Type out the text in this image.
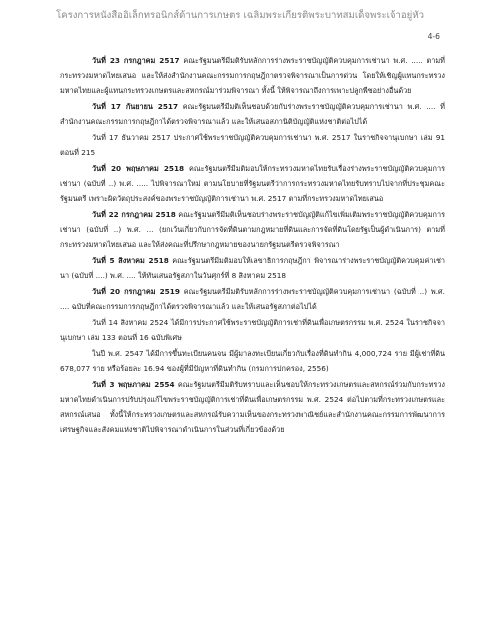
โครงการหนังสืออิเล็กทรอนิกส์ด้านการเกษตร เฉลิมพระเกียรติพระบาทสมเด็จพระเจ้าอยู่หัว
4-6

วันที่ 23 กรกฎาคม 2517 คณะรัฐมนตรีมีมติรับหลักการร่างพระราชบัญญัติควบคุมการเช่านา พ.ศ. ..... ตามที่กระทรวงมหาดไทยเสนอ และให้ส่งสำนักงานคณะกรรมการกฤษฎีกาตรวจพิจารณาเป็นการด่วน โดยให้เชิญผู้แทนกระทรวงมหาดไทยและผู้แทนกระทรวงเกษตรและสหกรณ์มาร่วมพิจารณา ทั้งนี้ ให้พิจารณาถึงการเพาะปลูกพืชอย่างอื่นด้วย

วันที่ 17 กันยายน 2517 คณะรัฐมนตรีมีมติเห็นชอบด้วยกับร่างพระราชบัญญัติควบคุมการเช่านา พ.ศ. .... ที่สำนักงานคณะกรรมการกฤษฎีกาได้ตรวจพิจารณาแล้ว และให้เสนอสภานิติบัญญัติแห่งชาติต่อไปได้

วันที่ 17 ธันวาคม 2517 ประกาศใช้พระราชบัญญัติควบคุมการเช่านา พ.ศ. 2517 ในราชกิจจานุเบกษา เล่ม 91 ตอนที่ 215

วันที่ 20 พฤษภาคม 2518 คณะรัฐมนตรีมีมติมอบให้กระทรวงมหาดไทยรับเรื่องร่างพระราชบัญญัติควบคุมการเช่านา (ฉบับที่ ..) พ.ศ. ..... ไปพิจารณาใหม่ ตามนโยบายที่รัฐมนตรีว่าการกระทรวงมหาดไทยรับทราบไปจากที่ประชุมคณะรัฐมนตรี เพราะผิดวัตถุประสงค์ของพระราชบัญญัติการเช่านา พ.ศ. 2517 ตามที่กระทรวงมหาดไทยเสนอ

วันที่ 22 กรกฎาคม 2518 คณะรัฐมนตรีมีมติเห็นชอบร่างพระราชบัญญัติแก้ไขเพิ่มเติมพระราชบัญญัติควบคุมการเช่านา (ฉบับที่ ..) พ.ศ. ... (ยกเว้นเกี่ยวกับการจัดที่ดินตามกฎหมายที่ดินและการจัดที่ดินโดยรัฐเป็นผู้ดำเนินการ) ตามที่กระทรวงมหาดไทยเสนอ และให้ส่งคณะที่ปรึกษากฎหมายของนายกรัฐมนตรีตรวจพิจารณา

วันที่ 5 สิงหาคม 2518 คณะรัฐมนตรีมีมติมอบให้เลขาธิการกฤษฎีกา พิจารณาร่างพระราชบัญญัติควบคุมค่าเช่านา (ฉบับที่ ....) พ.ศ. .... ให้ทันเสนอรัฐสภาในวันศุกร์ที่ 8 สิงหาคม 2518

วันที่ 20 กรกฎาคม 2519 คณะรัฐมนตรีมีมติรับหลักการร่างพระราชบัญญัติควบคุมการเช่านา (ฉบับที่ ..) พ.ศ. .... ฉบับที่คณะกรรมการกฤษฎีกาได้ตรวจพิจารณาแล้ว และให้เสนอรัฐสภาต่อไปได้

วันที่ 14 สิงหาคม 2524 ได้มีการประกาศใช้พระราชบัญญัติการเช่าที่ดินเพื่อเกษตรกรรม พ.ศ. 2524 ในราชกิจจานุเบกษา เล่ม 133 ตอนที่ 16 ฉบับพิเศษ

ในปี พ.ศ. 2547 ได้มีการขึ้นทะเบียนคนจน มีผู้มาลงทะเบียนเกี่ยวกับเรื่องที่ดินทำกิน 4,000,724 ราย มีผู้เช่าที่ดิน 678,077 ราย หรือร้อยละ 16.94 ของผู้ที่มีปัญหาที่ดินทำกิน (กรมการปกครอง, 2556)

วันที่ 3 พฤษภาคม 2554 คณะรัฐมนตรีมีมติรับทราบและเห็นชอบให้กระทรวงเกษตรและสหกรณ์ร่วมกับกระทรวงมหาดไทยดำเนินการปรับปรุงแก้ไขพระราชบัญญัติการเช่าที่ดินเพื่อเกษตรกรรม พ.ศ. 2524 ต่อไปตามที่กระทรวงเกษตรและสหกรณ์เสนอ ทั้งนี้ให้กระทรวงเกษตรและสหกรณ์รับความเห็นของกระทรวงพาณิชย์และสำนักงานคณะกรรมการพัฒนาการเศรษฐกิจและสังคมแห่งชาติไปพิจารณาดำเนินการในส่วนที่เกี่ยวข้องด้วย
